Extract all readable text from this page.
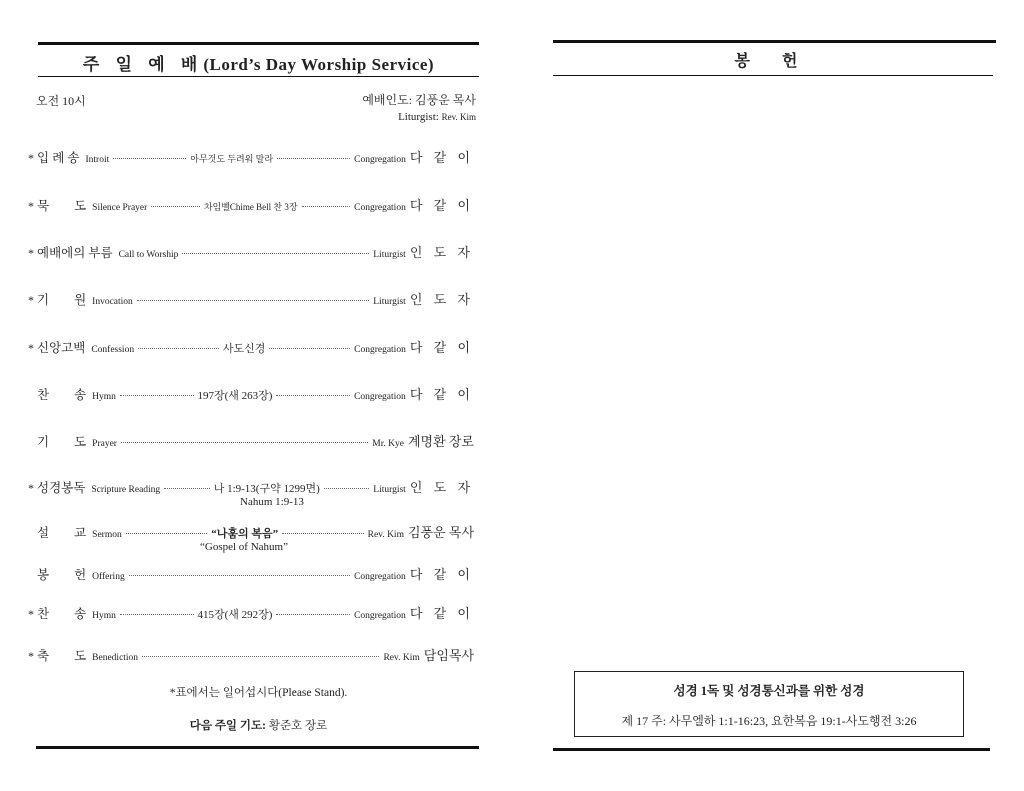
주 일 예 배(Lord’s Day Worship Service)
오전 10시	예배인도: 김풍운 목사
Liturgist: Rev. Kim
* 입 례 송 Introit	아무것도 두려워 말라	Congregation 다 같 이
* 묵　　도 Silence Prayer	차임벨Chime Bell 찬 3장	Congregation 다 같 이
* 예배에의 부름 Call to Worship	Liturgist 인 도 자
* 기　　원 Invocation	Liturgist 인 도 자
* 신앙고백 Confession	사도신경	Congregation 다 같 이
찬　　송 Hymn	197장(새 263장)	Congregation 다 같 이
기　　도 Prayer	Mr. Kye 계명환 장로
* 성경봉독 Scripture Reading	나 1:9-13(구약 1299면)	Liturgist 인 도 자
Nahum 1:9-13
설　　교 Sermon	“나훔의 복음”	Rev. Kim 김풍운 목사
“Gospel of Nahum”
봉　　헌 Offering	Congregation 다 같 이
* 찬　　송 Hymn	415장(새 292장)	Congregation 다 같 이
* 축　　도 Benediction	Rev. Kim 담임목사
*표에서는 일어섭시다(Please Stand).
다음 주일 기도: 황준호 장로
봉 헌
성경 1독 및 성경통신과를 위한 성경
제 17 주: 사무엘하 1:1-16:23, 요한복음 19:1-사도행전 3:26
